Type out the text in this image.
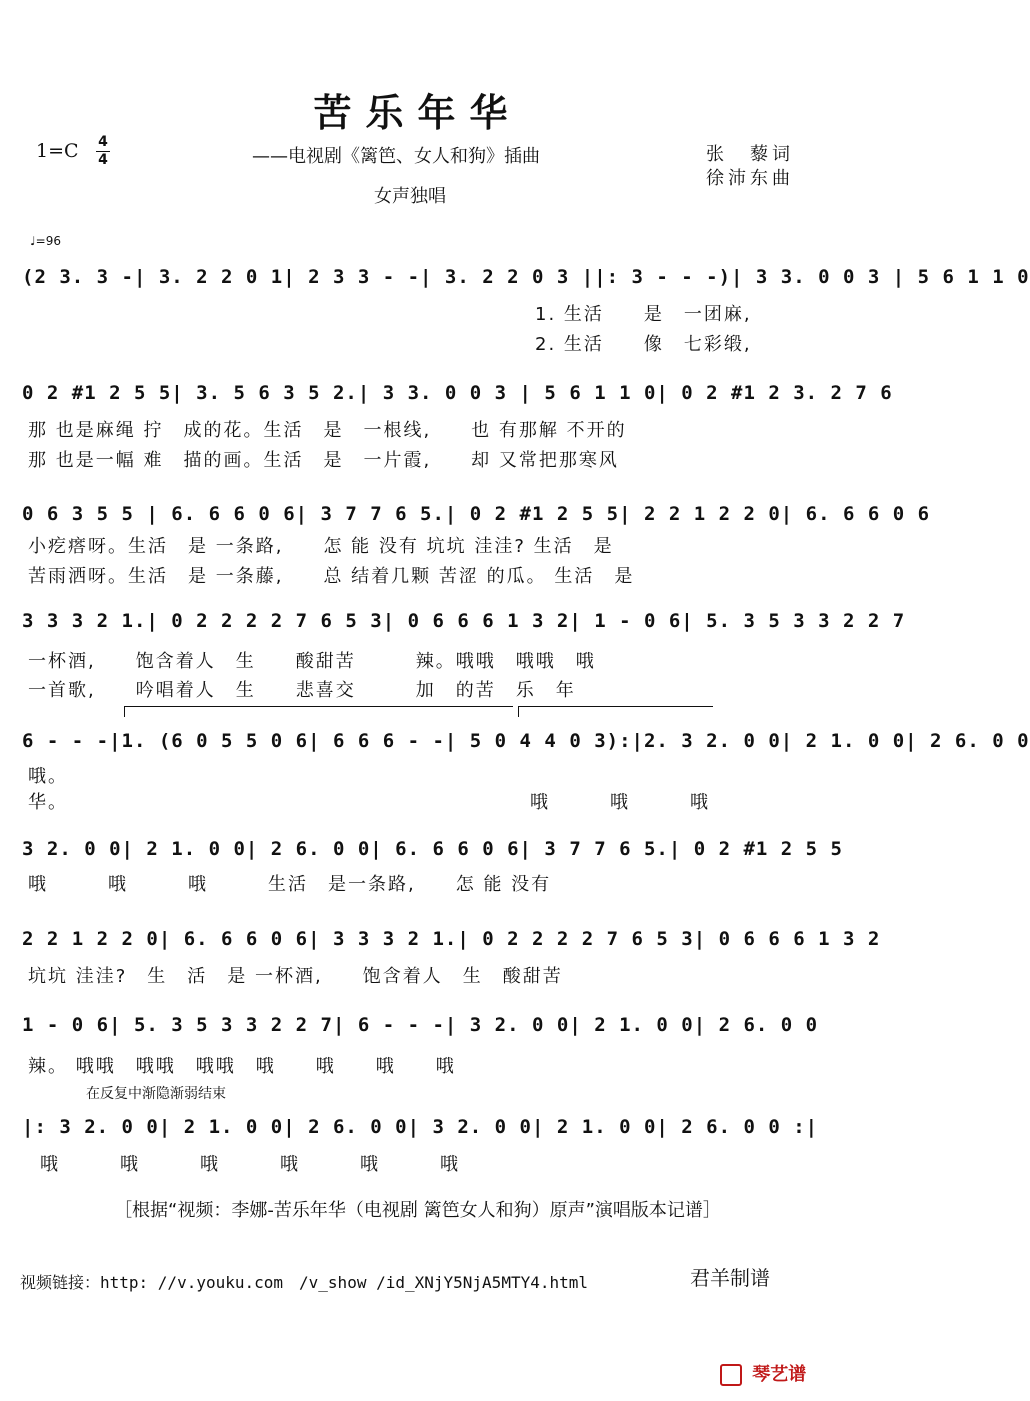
苦乐年华
1=C 4
4	——电视剧《篱笆、女人和狗》插曲	张　藜词
徐沛东曲
女声独唱
♩=96
(2 3. 3 -| 3. 2 2 0 1| 2 3 3 - -| 3. 2 2 0 3 ||: 3 - - -)| 3 3. 0 0 3 | 5 6 1 1 0
1. 生活　　是　一团麻,
2. 生活　　像　七彩缎,
0 2 #1 2 5 5| 3. 5 6 3 5 2.| 3 3. 0 0 3 | 5 6 1 1 0| 0 2 #1 2 3. 2 7 6
那 也是麻绳 拧　成的花。生活　是　一根线,　　也 有那解 不开的
那 也是一幅 难　描的画。生活　是　一片霞,　　却 又常把那寒风
0 6 3 5 5 | 6. 6 6 0 6| 3 7 7 6 5.| 0 2 #1 2 5 5| 2 2 1 2 2 0| 6. 6 6 0 6
小疙瘩呀。生活　是 一条路,　　怎 能 没有 坑坑 洼洼? 生活　是
苦雨洒呀。生活　是 一条藤,　　总 结着几颗 苦涩 的瓜。 生活　是
3 3 3 2 1.| 0 2 2 2 2 7 6 5 3| 0 6 6 6 1 3 2| 1 - 0 6| 5. 3 5 3 3 2 2 7
一杯酒,　　饱含着人　生　　酸甜苦　　　辣。哦哦　哦哦　哦
一首歌,　　吟唱着人　生　　悲喜交　　　加　的苦　乐　年
6 - - -|1. (6 0 5 5 0 6| 6 6 6 - -| 5 0 4 4 0 3):|2. 3 2. 0 0| 2 1. 0 0| 2 6. 0 0
哦。
华。	哦　　　哦　　　哦
3 2. 0 0| 2 1. 0 0| 2 6. 0 0| 6. 6 6 0 6| 3 7 7 6 5.| 0 2 #1 2 5 5
哦　　　哦　　　哦　　　生活　是一条路,　　怎 能 没有
2 2 1 2 2 0| 6. 6 6 0 6| 3 3 3 2 1.| 0 2 2 2 2 7 6 5 3| 0 6 6 6 1 3 2
坑坑 洼洼?　生　活　是 一杯酒,　　饱含着人　生　酸甜苦
1 - 0 6| 5. 3 5 3 3 2 2 7| 6 - - -| 3 2. 0 0| 2 1. 0 0| 2 6. 0 0
辣。 哦哦　哦哦　哦哦　哦　　哦　　哦　　哦
在反复中渐隐渐弱结束
|: 3 2. 0 0| 2 1. 0 0| 2 6. 0 0| 3 2. 0 0| 2 1. 0 0| 2 6. 0 0 :|
哦　　　哦　　　哦　　　哦　　　哦　　　哦
［根据“视频：李娜-苦乐年华（电视剧 篱笆女人和狗）原声”演唱版本记谱］
视频链接：http: //v.youku.com　/v_show /id_XNjY5NjA5MTY4.html	君羊制谱
琴艺谱
